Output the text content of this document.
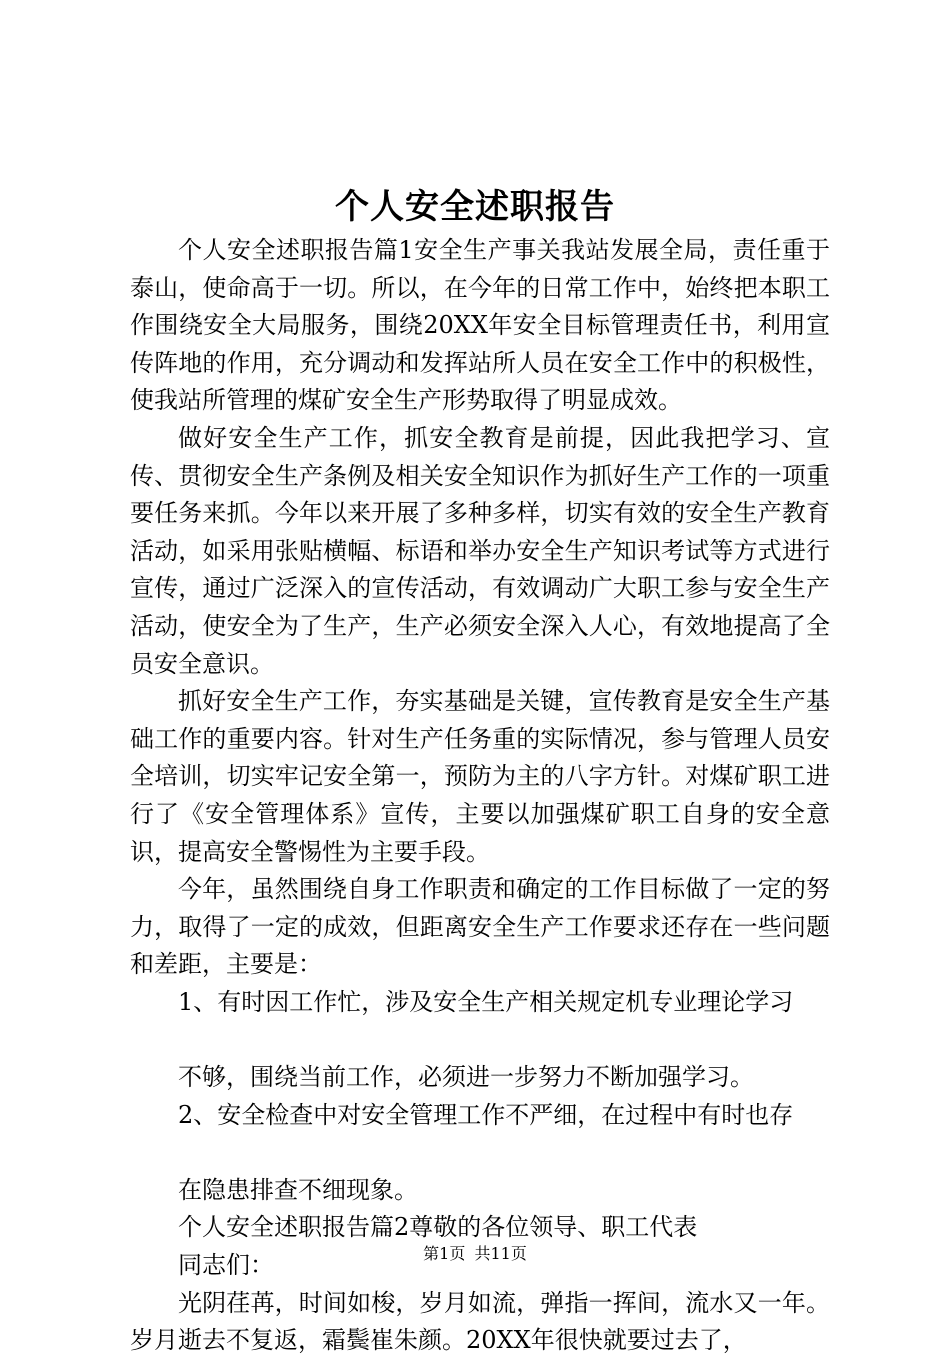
个人安全述职报告

个人安全述职报告篇1安全生产事关我站发展全局，责任重于泰山，使命高于一切。所以，在今年的日常工作中，始终把本职工作围绕安全大局服务，围绕20XX年安全目标管理责任书，利用宣传阵地的作用，充分调动和发挥站所人员在安全工作中的积极性，使我站所管理的煤矿安全生产形势取得了明显成效。

做好安全生产工作，抓安全教育是前提，因此我把学习、宣传、贯彻安全生产条例及相关安全知识作为抓好生产工作的一项重要任务来抓。今年以来开展了多种多样，切实有效的安全生产教育活动，如采用张贴横幅、标语和举办安全生产知识考试等方式进行宣传，通过广泛深入的宣传活动，有效调动广大职工参与安全生产活动，使安全为了生产，生产必须安全深入人心，有效地提高了全员安全意识。

抓好安全生产工作，夯实基础是关键，宣传教育是安全生产基础工作的重要内容。针对生产任务重的实际情况，参与管理人员安全培训，切实牢记安全第一，预防为主的八字方针。对煤矿职工进行了《安全管理体系》宣传，主要以加强煤矿职工自身的安全意识，提高安全警惕性为主要手段。

今年，虽然围绕自身工作职责和确定的工作目标做了一定的努力，取得了一定的成效，但距离安全生产工作要求还存在一些问题和差距，主要是：

1、有时因工作忙，涉及安全生产相关规定机专业理论学习
不够，围绕当前工作，必须进一步努力不断加强学习。
2、安全检查中对安全管理工作不严细，在过程中有时也存
在隐患排查不细现象。

个人安全述职报告篇2尊敬的各位领导、职工代表

同志们：

光阴荏苒，时间如梭，岁月如流，弹指一挥间，流水又一年。岁月逝去不复返，霜鬓崔朱颜。20XX年很快就要过去了，

第1页 共11页
